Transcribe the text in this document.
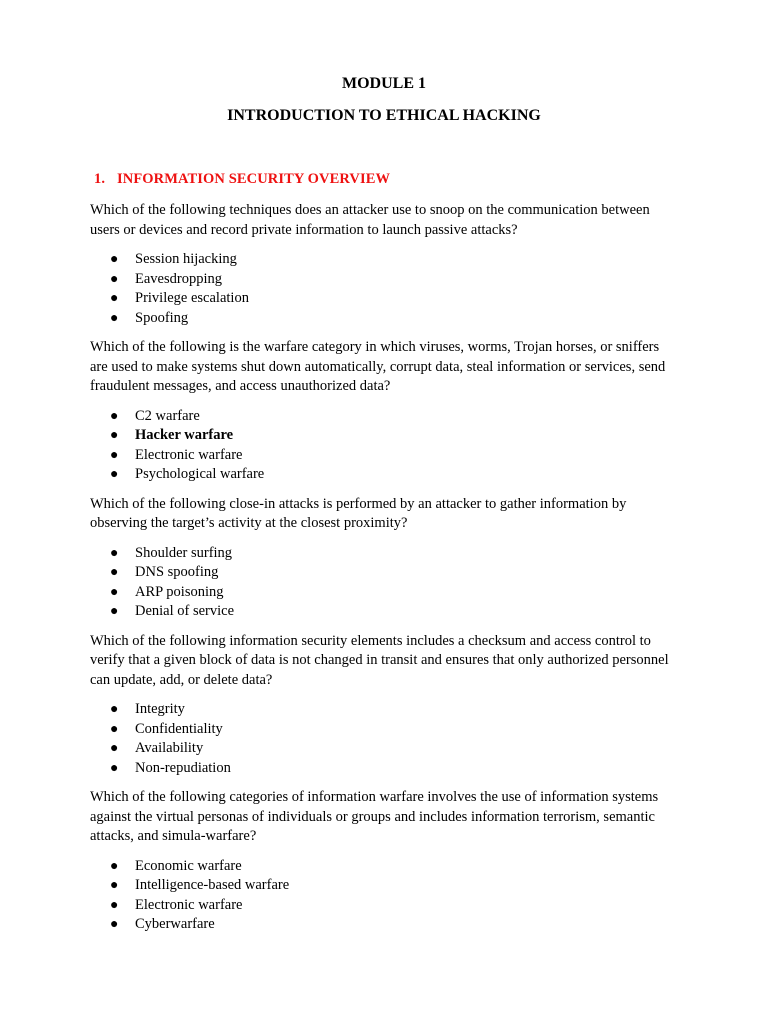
MODULE 1
INTRODUCTION TO ETHICAL HACKING
1. INFORMATION SECURITY OVERVIEW

Which of the following techniques does an attacker use to snoop on the communication between users or devices and record private information to launch passive attacks?

● Session hijacking
● Eavesdropping
● Privilege escalation
● Spoofing

Which of the following is the warfare category in which viruses, worms, Trojan horses, or sniffers are used to make systems shut down automatically, corrupt data, steal information or services, send fraudulent messages, and access unauthorized data?

● C2 warfare
● Hacker warfare
● Electronic warfare
● Psychological warfare

Which of the following close-in attacks is performed by an attacker to gather information by observing the target’s activity at the closest proximity?

● Shoulder surfing
● DNS spoofing
● ARP poisoning
● Denial of service

Which of the following information security elements includes a checksum and access control to verify that a given block of data is not changed in transit and ensures that only authorized personnel can update, add, or delete data?

● Integrity
● Confidentiality
● Availability
● Non-repudiation

Which of the following categories of information warfare involves the use of information systems against the virtual personas of individuals or groups and includes information terrorism, semantic attacks, and simula-warfare?

● Economic warfare
● Intelligence-based warfare
● Electronic warfare
● Cyberwarfare
